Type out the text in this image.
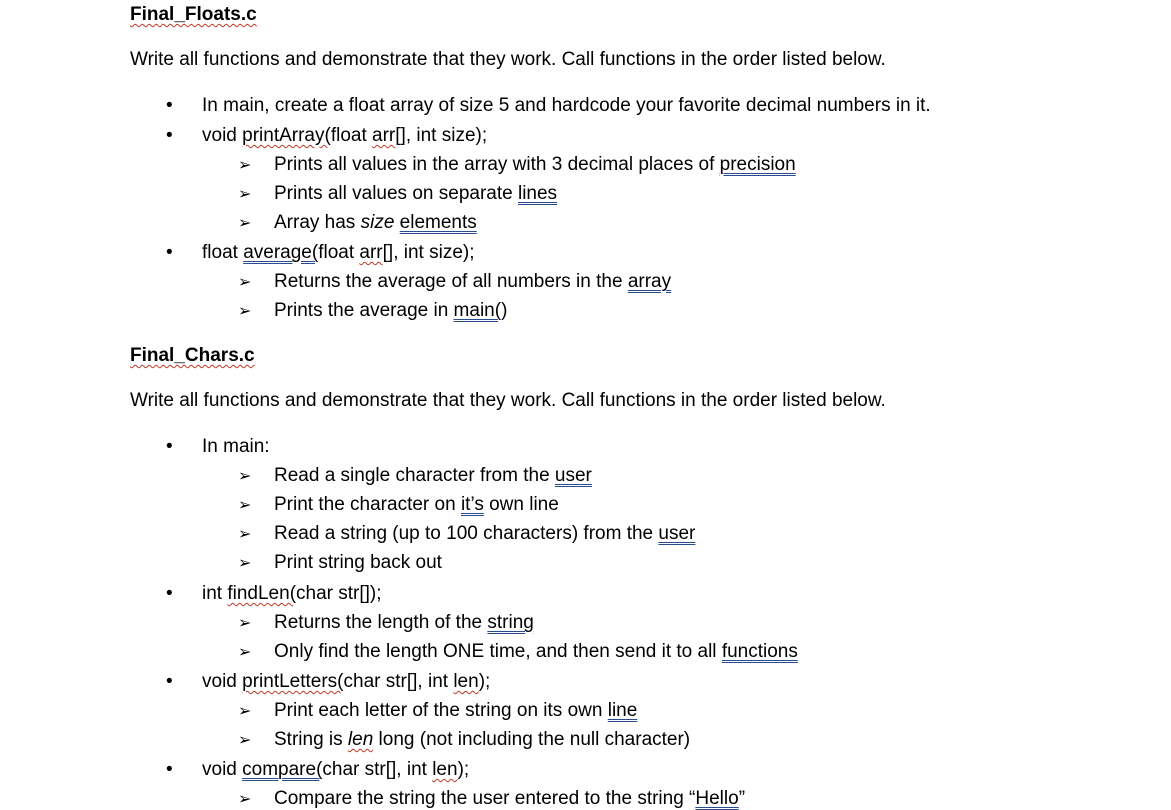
Final_Floats.c
Write all functions and demonstrate that they work. Call functions in the order listed below.
• In main, create a float array of size 5 and hardcode your favorite decimal numbers in it.
• void printArray(float arr[], int size);
➢ Prints all values in the array with 3 decimal places of precision
➢ Prints all values on separate lines
➢ Array has size elements
• float average(float arr[], int size);
➢ Returns the average of all numbers in the array
➢ Prints the average in main()
Final_Chars.c
Write all functions and demonstrate that they work. Call functions in the order listed below.
• In main:
➢ Read a single character from the user
➢ Print the character on it’s own line
➢ Read a string (up to 100 characters) from the user
➢ Print string back out
• int findLen(char str[]);
➢ Returns the length of the string
➢ Only find the length ONE time, and then send it to all functions
• void printLetters(char str[], int len);
➢ Print each letter of the string on its own line
➢ String is len long (not including the null character)
• void compare(char str[], int len);
➢ Compare the string the user entered to the string “Hello”
